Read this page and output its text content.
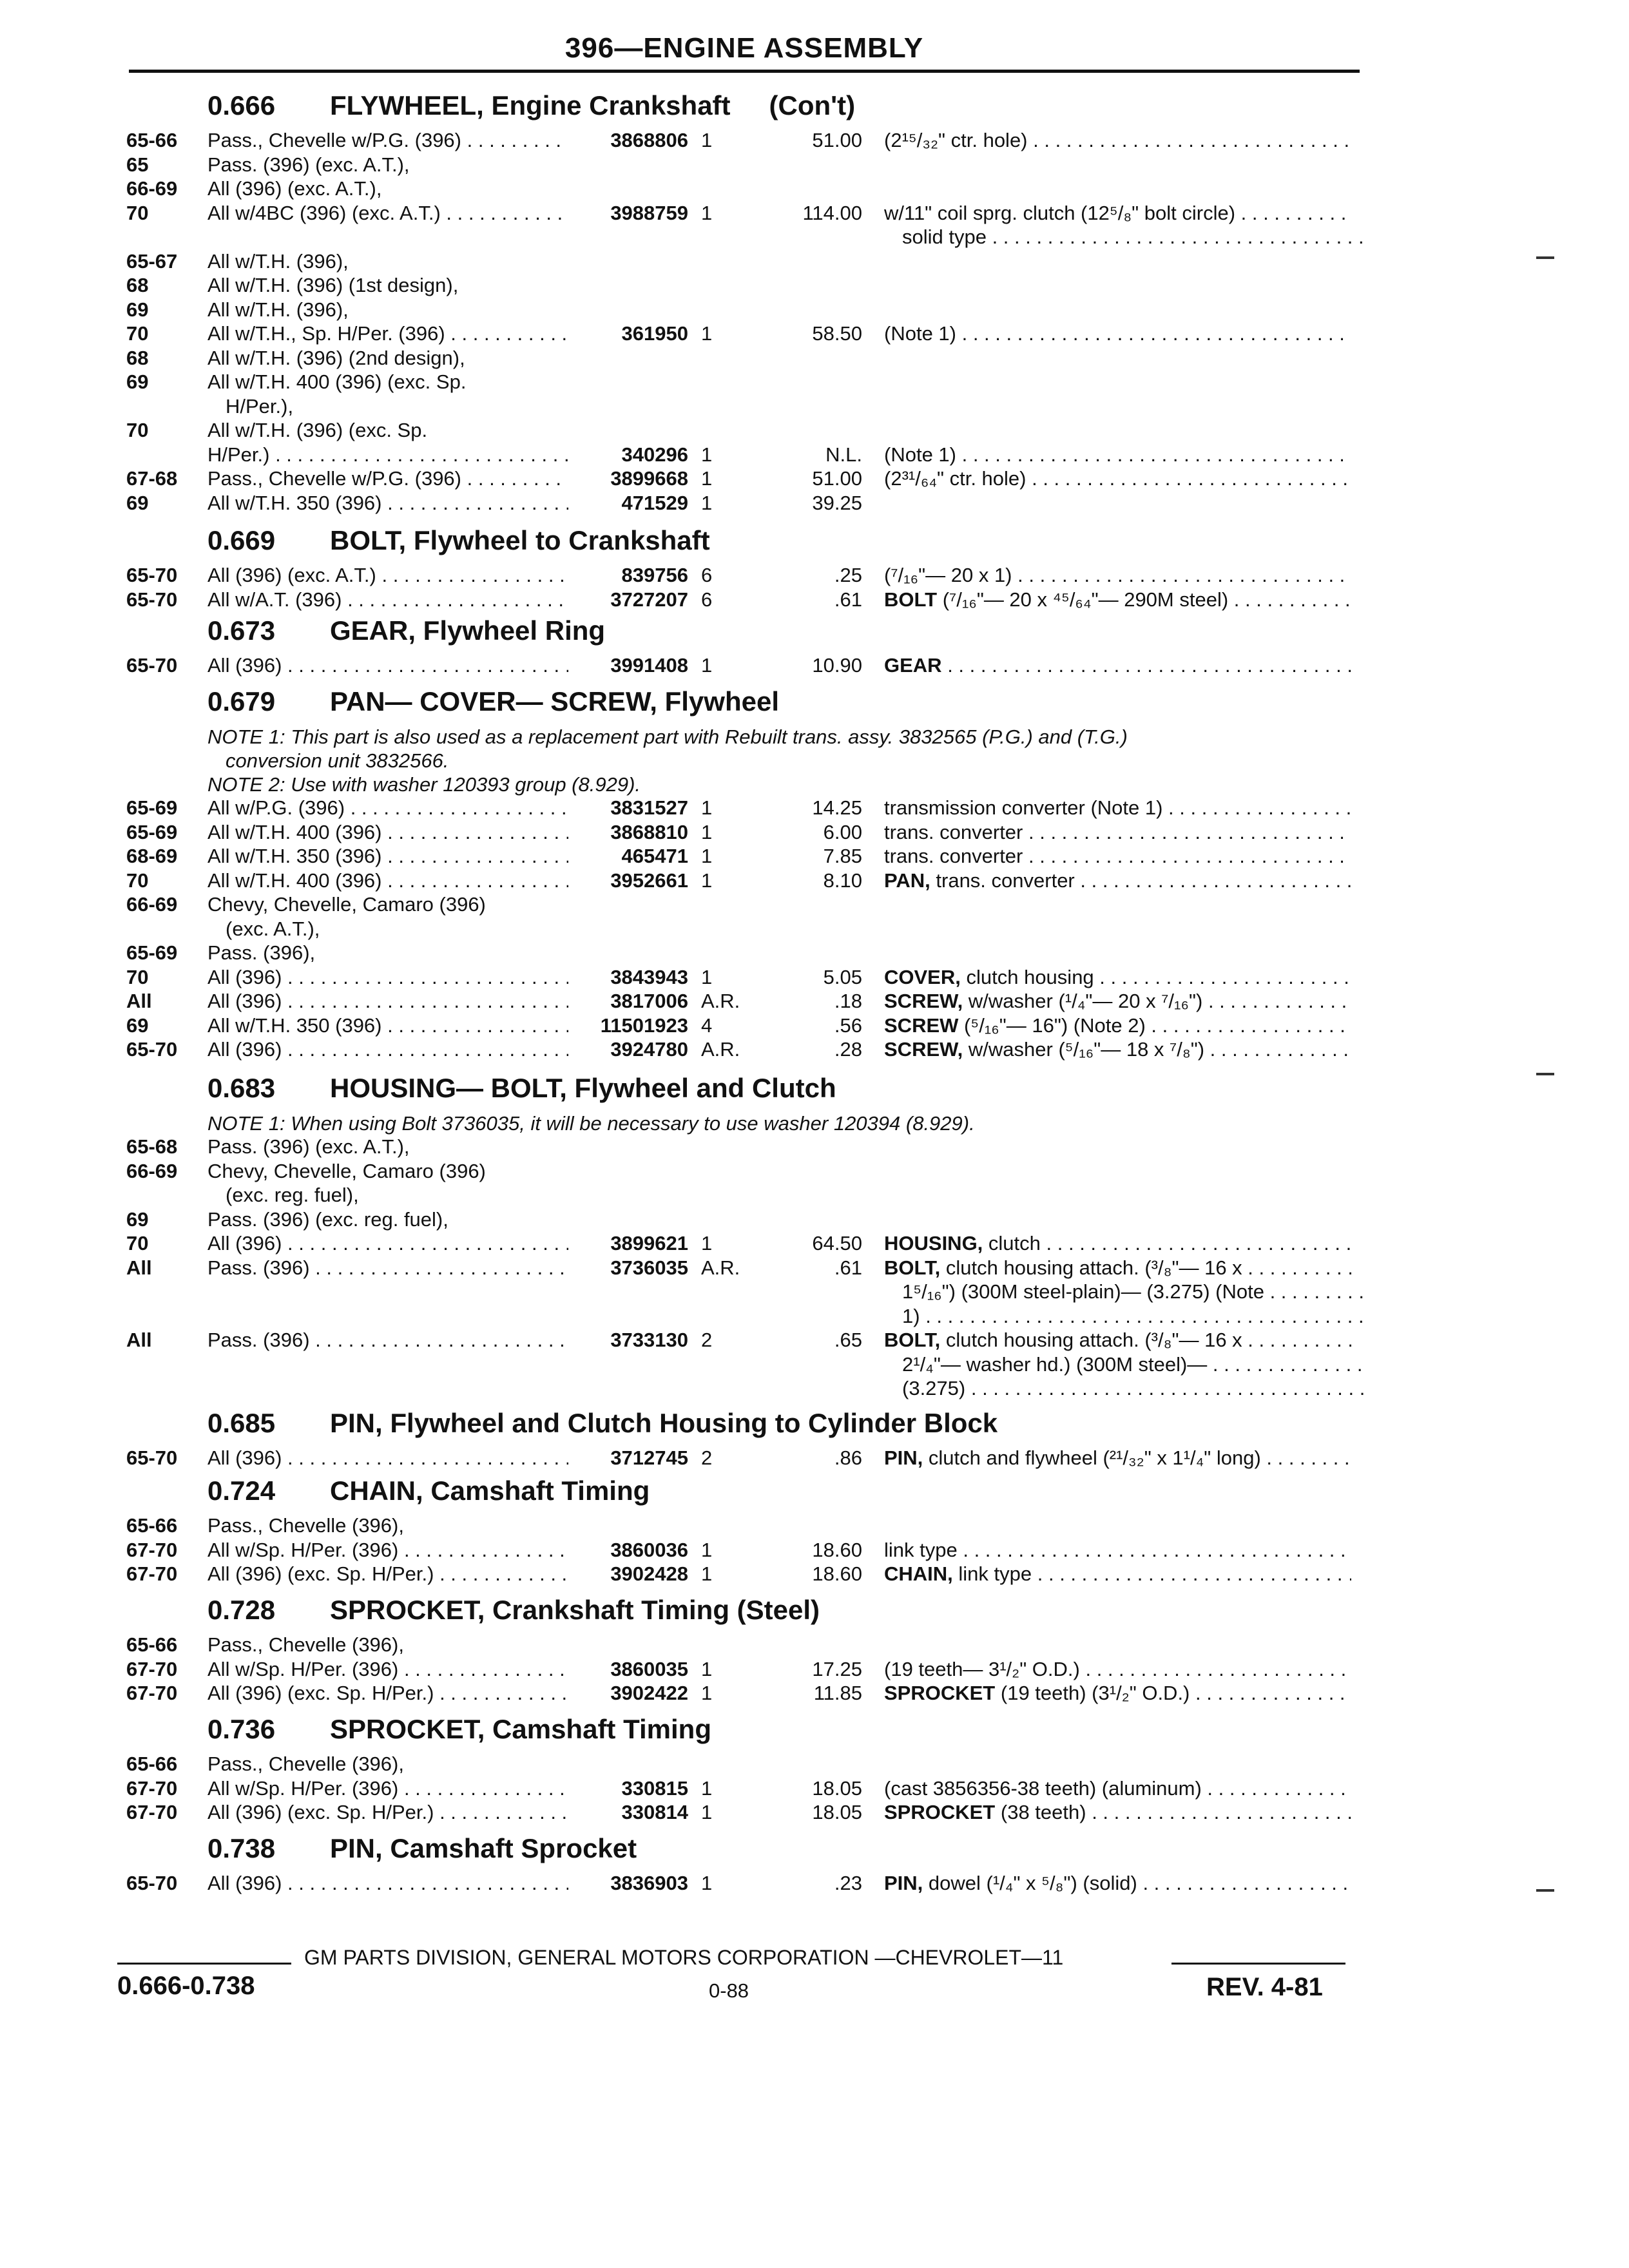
396—ENGINE ASSEMBLY
0.666 FLYWHEEL, Engine Crankshaft (Con't)
65-66	Pass., Chevelle w/P.G. (396) . . .	3868806 1	51.00 (2¹⁵/₃₂" ctr. hole) . . .
65	Pass. (396) (exc. A.T.),
66-69	All (396) (exc. A.T.),
70	All w/4BC (396) (exc. A.T.) . . .	3988759 1	114.00 w/11" coil sprg. clutch (12⁵/₈" bolt circle) . . .
solid type . . .
65-67	All w/T.H. (396),
68	All w/T.H. (396) (1st design),
69	All w/T.H. (396),
70	All w/T.H., Sp. H/Per. (396) . . .	361950 1	58.50 (Note 1) . . .
68	All w/T.H. (396) (2nd design),
69	All w/T.H. 400 (396) (exc. Sp.
H/Per.),
70	All w/T.H. (396) (exc. Sp.
H/Per.) . . .	340296 1	N.L. (Note 1) . . .
67-68	Pass., Chevelle w/P.G. (396) . . .	3899668 1	51.00 (2³¹/₆₄" ctr. hole) . . .
69	All w/T.H. 350 (396) . . .	471529 1	39.25
0.669 BOLT, Flywheel to Crankshaft
65-70	All (396) (exc. A.T.) . . .	839756 6	.25 (⁷/₁₆"— 20 x 1) . . .
65-70	All w/A.T. (396) . . .	3727207 6	.61 BOLT (⁷/₁₆"— 20 x ⁴⁵/₆₄"— 290M steel) . . .
0.673 GEAR, Flywheel Ring
65-70	All (396) . . .	3991408 1	10.90 GEAR . . .
0.679 PAN— COVER— SCREW, Flywheel
NOTE 1: This part is also used as a replacement part with Rebuilt trans. assy. 3832565 (P.G.) and (T.G.)
conversion unit 3832566.
NOTE 2: Use with washer 120393 group (8.929).
65-69	All w/P.G. (396) . . .	3831527 1	14.25 transmission converter (Note 1) . . .
65-69	All w/T.H. 400 (396) . . .	3868810 1	6.00 trans. converter . . .
68-69	All w/T.H. 350 (396) . . .	465471 1	7.85 trans. converter . . .
70	All w/T.H. 400 (396) . . .	3952661 1	8.10 PAN, trans. converter . . .
66-69	Chevy, Chevelle, Camaro (396)
(exc. A.T.),
65-69	Pass. (396),
70	All (396) . . .	3843943 1	5.05 COVER, clutch housing . . .
All	All (396) . . .	3817006 A.R.	.18 SCREW, w/washer (¹/₄"— 20 x ⁷/₁₆") . . .
69	All w/T.H. 350 (396) . . .	11501923 4	.56 SCREW (⁵/₁₆"— 16") (Note 2) . . .
65-70	All (396) . . .	3924780 A.R.	.28 SCREW, w/washer (⁵/₁₆"— 18 x ⁷/₈") . . .
0.683 HOUSING— BOLT, Flywheel and Clutch
NOTE 1: When using Bolt 3736035, it will be necessary to use washer 120394 (8.929).
65-68	Pass. (396) (exc. A.T.),
66-69	Chevy, Chevelle, Camaro (396)
(exc. reg. fuel),
69	Pass. (396) (exc. reg. fuel),
70	All (396) . . .	3899621 1	64.50 HOUSING, clutch . . .
All	Pass. (396) . . .	3736035 A.R.	.61 BOLT, clutch housing attach. (³/₈"— 16 x . . .
1⁵/₁₆") (300M steel-plain)— (3.275) (Note . . .
1) . . .
All	Pass. (396) . . .	3733130 2	.65 BOLT, clutch housing attach. (³/₈"— 16 x . . .
2¹/₄"— washer hd.) (300M steel)— . . .
(3.275) . . .
0.685 PIN, Flywheel and Clutch Housing to Cylinder Block
65-70	All (396) . . .	3712745 2	.86 PIN, clutch and flywheel (²¹/₃₂" x 1¹/₄" long) . . .
0.724 CHAIN, Camshaft Timing
65-66	Pass., Chevelle (396),
67-70	All w/Sp. H/Per. (396) . . .	3860036 1	18.60 link type . . .
67-70	All (396) (exc. Sp. H/Per.) . . .	3902428 1	18.60 CHAIN, link type . . .
0.728 SPROCKET, Crankshaft Timing (Steel)
65-66	Pass., Chevelle (396),
67-70	All w/Sp. H/Per. (396) . . .	3860035 1	17.25 (19 teeth— 3¹/₂" O.D.) . . .
67-70	All (396) (exc. Sp. H/Per.) . . .	3902422 1	11.85 SPROCKET (19 teeth) (3¹/₂" O.D.) . . .
0.736 SPROCKET, Camshaft Timing
65-66	Pass., Chevelle (396),
67-70	All w/Sp. H/Per. (396) . . .	330815 1	18.05 (cast 3856356-38 teeth) (aluminum) . . .
67-70	All (396) (exc. Sp. H/Per.) . . .	330814 1	18.05 SPROCKET (38 teeth) . . .
0.738 PIN, Camshaft Sprocket
65-70	All (396) . . .	3836903 1	.23 PIN, dowel (¹/₄" x ⁵/₈") (solid) . . .
GM PARTS DIVISION, GENERAL MOTORS CORPORATION —CHEVROLET—11
0.666-0.738	0-88	REV. 4-81
